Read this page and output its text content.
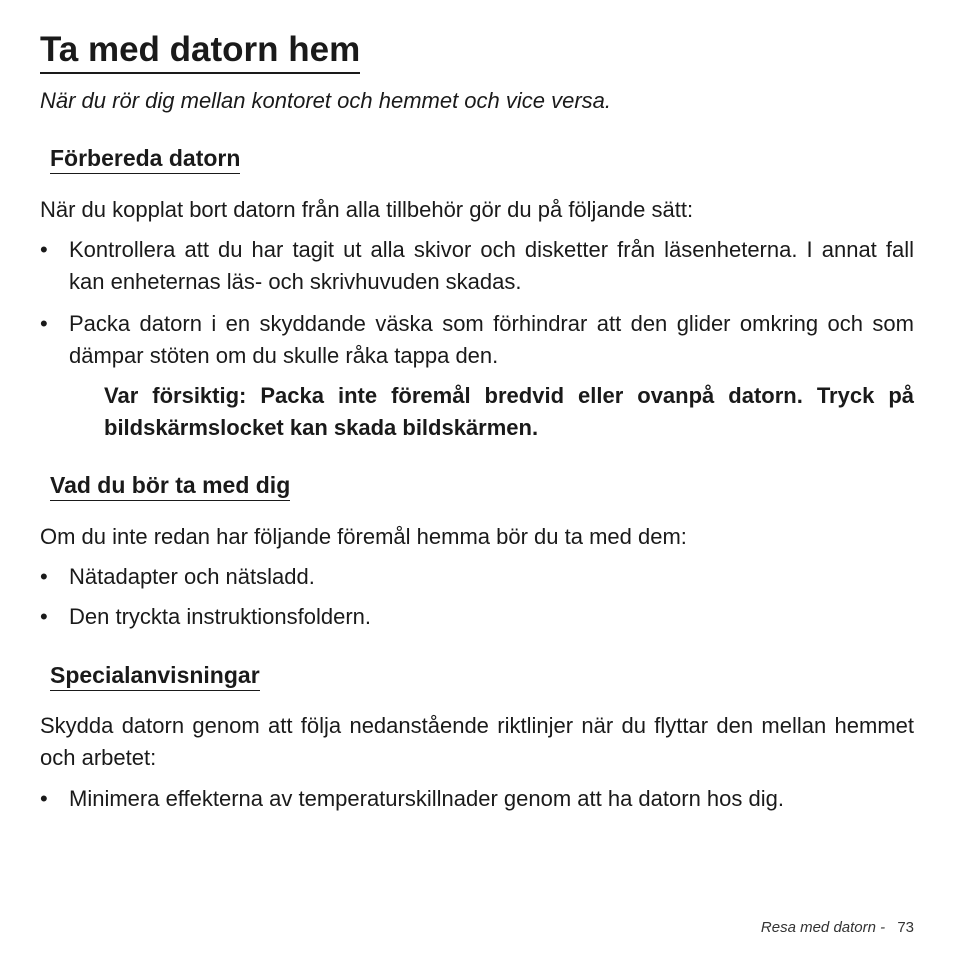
Ta med datorn hem

När du rör dig mellan kontoret och hemmet och vice versa.

Förbereda datorn

När du kopplat bort datorn från alla tillbehör gör du på följande sätt:

• Kontrollera att du har tagit ut alla skivor och disketter från läsenheterna. I annat fall kan enheternas läs- och skrivhuvuden skadas.
• Packa datorn i en skyddande väska som förhindrar att den glider omkring och som dämpar stöten om du skulle råka tappa den.

Var försiktig: Packa inte föremål bredvid eller ovanpå datorn. Tryck på bildskärmslocket kan skada bildskärmen.

Vad du bör ta med dig

Om du inte redan har följande föremål hemma bör du ta med dem:

• Nätadapter och nätsladd.
• Den tryckta instruktionsfoldern.
Specialanvisningar

Skydda datorn genom att följa nedanstående riktlinjer när du flyttar den mellan hemmet och arbetet:

• Minimera effekterna av temperaturskillnader genom att ha datorn hos dig.
Resa med datorn - 73
